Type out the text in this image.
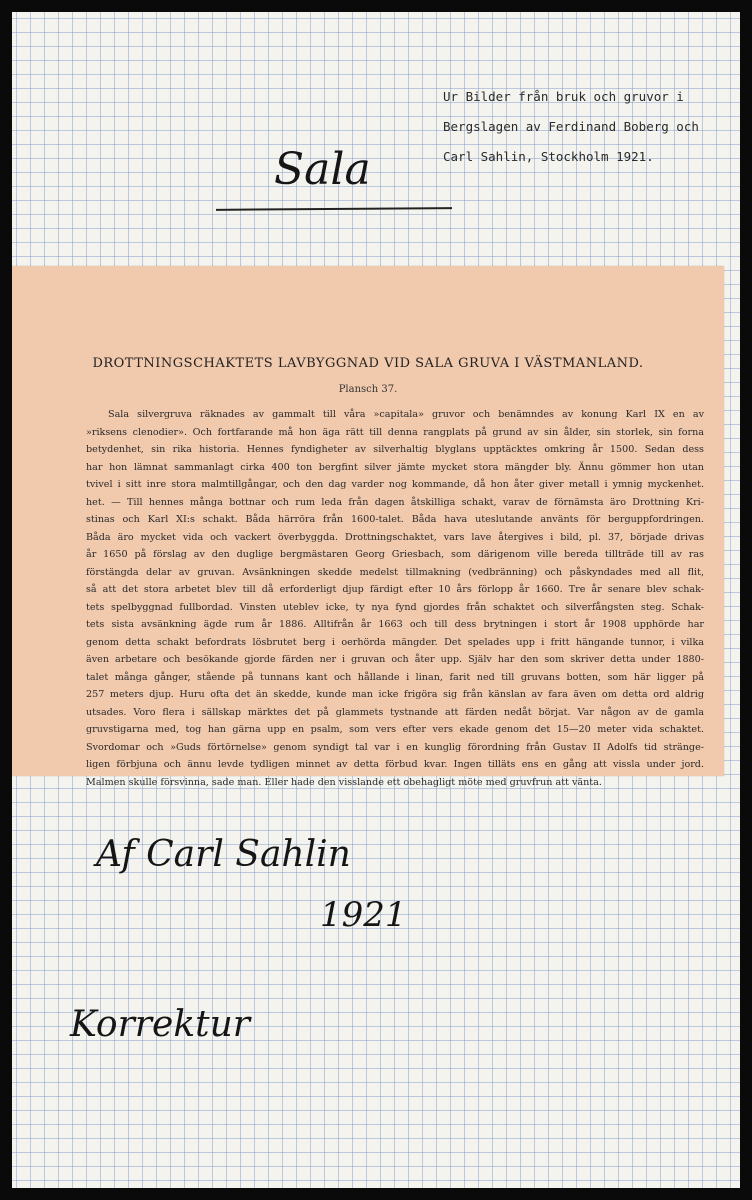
Ur Bilder från bruk och gruvor i
Bergslagen av Ferdinand Boberg och
Carl Sahlin, Stockholm 1921.
Sala
DROTTNINGSCHAKTETS LAVBYGGNAD VID SALA GRUVA I VÄSTMANLAND.
Plansch 37.
Sala silvergruva räknades av gammalt till våra »capitala» gruvor och benämndes av konung Karl IX en av
»riksens clenodier». Och fortfarande må hon äga rätt till denna rangplats på grund av sin ålder, sin storlek, sin forna
betydenhet, sin rika historia. Hennes fyndigheter av silverhaltig blyglans upptäcktes omkring år 1500. Sedan dess
har hon lämnat sammanlagt cirka 400 ton bergfint silver jämte mycket stora mängder bly. Ännu gömmer hon utan
tvivel i sitt inre stora malmtillgångar, och den dag varder nog kommande, då hon åter giver metall i ymnig myckenhet.
het. — Till hennes många bottnar och rum leda från dagen åtskilliga schakt, varav de förnämsta äro Drottning Kri-
stinas och Karl XI:s schakt. Båda härröra från 1600-talet. Båda hava uteslutande använts för berguppfordringen.
Båda äro mycket vida och vackert överbyggda. Drottningschaktet, vars lave återgives i bild, pl. 37, började drivas
år 1650 på förslag av den duglige bergmästaren Georg Griesbach, som därigenom ville bereda tillträde till av ras
förstängda delar av gruvan. Avsänkningen skedde medelst tillmakning (vedbränning) och påskyndades med all flit,
så att det stora arbetet blev till då erforderligt djup färdigt efter 10 års förlopp år 1660. Tre år senare blev schak-
tets spelbyggnad fullbordad. Vinsten uteblev icke, ty nya fynd gjordes från schaktet och silverfångsten steg. Schak-
tets sista avsänkning ägde rum år 1886. Alltifrån år 1663 och till dess brytningen i stort år 1908 upphörde har
genom detta schakt befordrats lösbrutet berg i oerhörda mängder. Det spelades upp i fritt hängande tunnor, i vilka
även arbetare och besökande gjorde färden ner i gruvan och åter upp. Själv har den som skriver detta under 1880-
talet många gånger, stående på tunnans kant och hållande i linan, farit ned till gruvans botten, som här ligger på
257 meters djup. Huru ofta det än skedde, kunde man icke frigöra sig från känslan av fara även om detta ord aldrig
utsades. Voro flera i sällskap märktes det på glammets tystnande att färden nedåt börjat. Var någon av de gamla
gruvstigarna med, tog han gärna upp en psalm, som vers efter vers ekade genom det 15—20 meter vida schaktet.
Svordomar och »Guds förtörnelse» genom syndigt tal var i en kunglig förordning från Gustav II Adolfs tid stränge-
ligen förbjuna och ännu levde tydligen minnet av detta förbud kvar. Ingen tilläts ens en gång att vissla under jord.
Malmen skulle försvinna, sade man. Eller hade den visslande ett obehagligt möte med gruvfrun att vänta.
Af Carl Sahlin
1921
Korrektur
